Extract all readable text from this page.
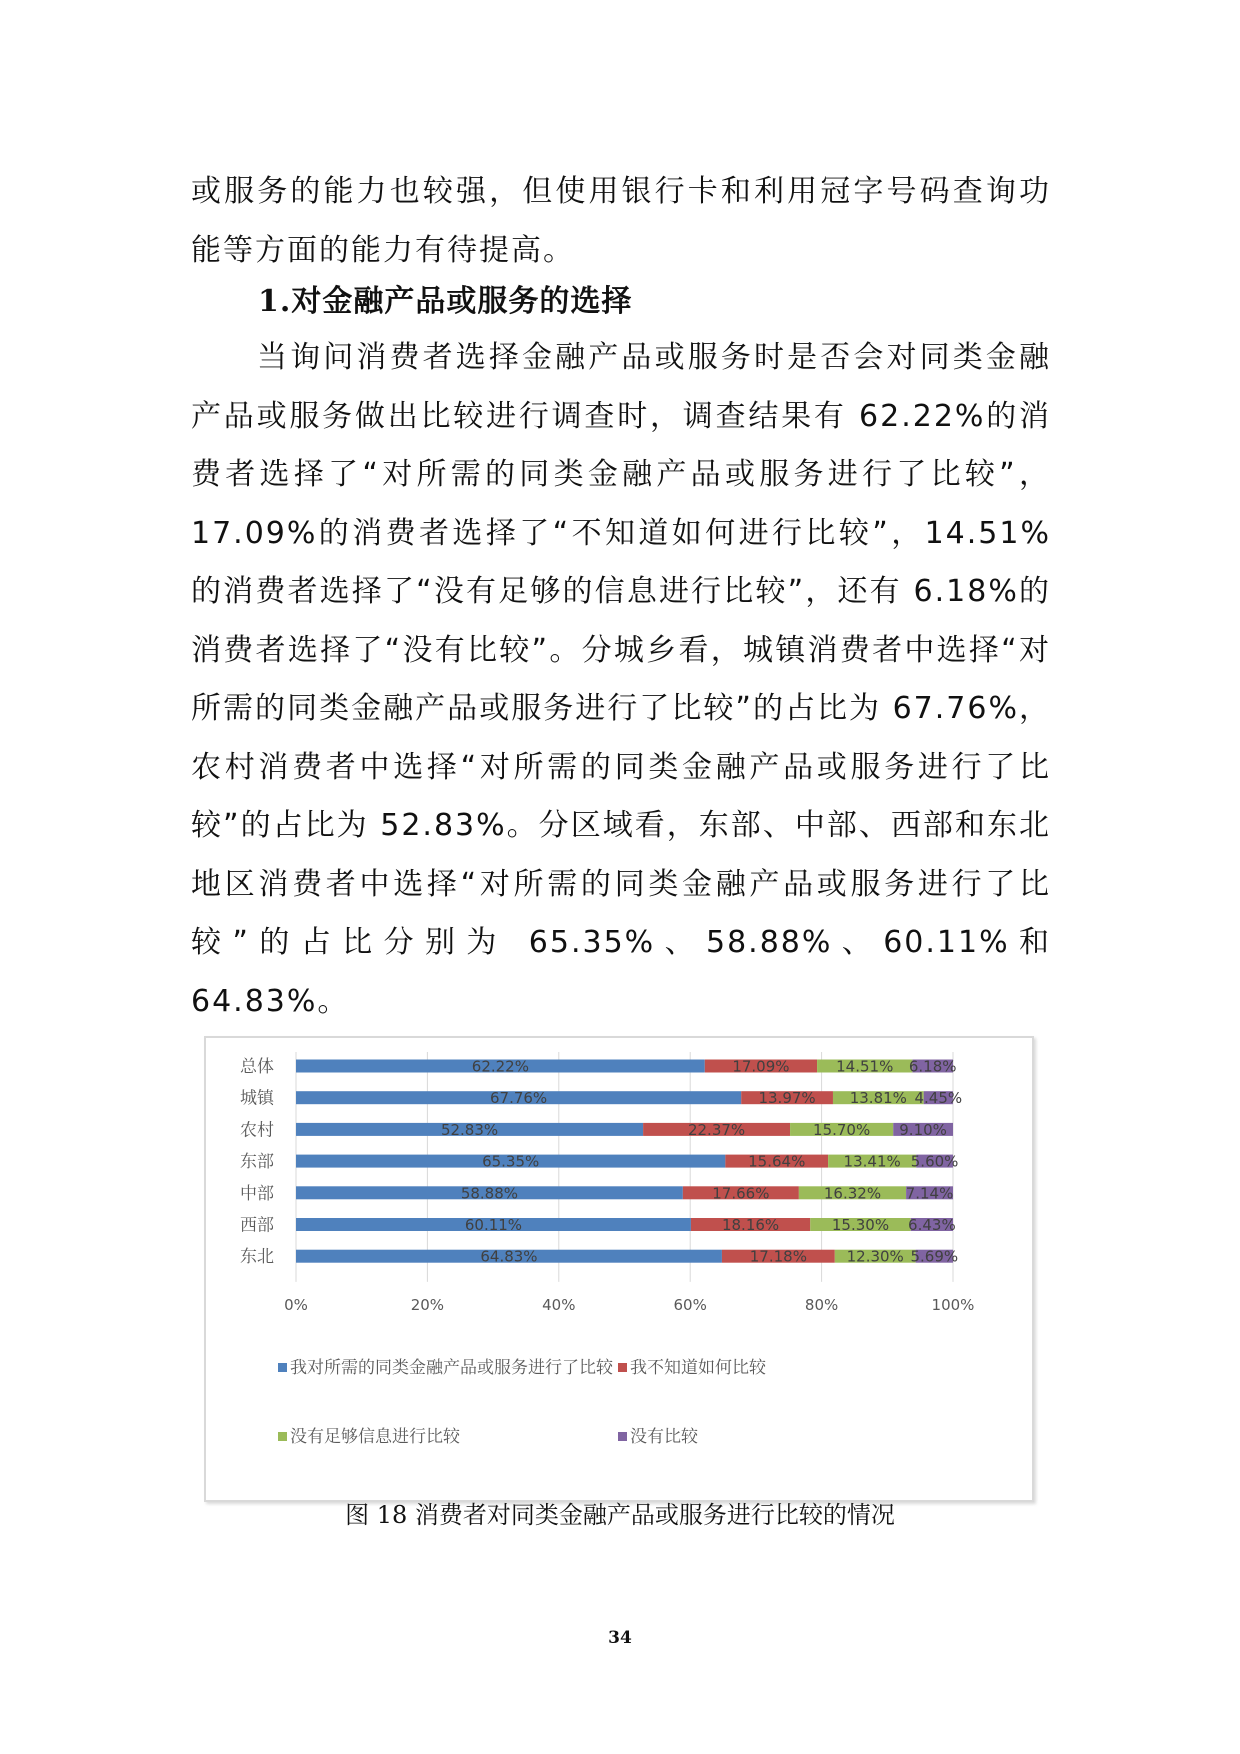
或服务的能力也较强，但使用银行卡和利用冠字号码查询功能等方面的能力有待提高。

1.对金融产品或服务的选择

当询问消费者选择金融产品或服务时是否会对同类金融产品或服务做出比较进行调查时，调查结果有 62.22%的消费者选择了“对所需的同类金融产品或服务进行了比较”，17.09%的消费者选择了“不知道如何进行比较”，14.51%的消费者选择了“没有足够的信息进行比较”，还有 6.18%的消费者选择了“没有比较”。分城乡看，城镇消费者中选择“对所需的同类金融产品或服务进行了比较”的占比为 67.76%，农村消费者中选择“对所需的同类金融产品或服务进行了比较”的占比为 52.83%。分区域看，东部、中部、西部和东北地区消费者中选择“对所需的同类金融产品或服务进行了比较”的占比分别为 65.35%、58.88%、60.11%和 64.83%。

0%	20%	40%	60%	80%	100%
总体	62.22%	17.09%	14.51% 6.18%
城镇	67.76%	13.97% 13.81% 4.45%
农村	52.83%	22.37%	15.70% 9.10%
东部	65.35%	15.64%	13.41% 5.60%
中部	58.88%	17.66%	16.32% 7.14%
西部	60.11%	18.16%	15.30% 6.43%
东北	64.83%	17.18%	12.30% 5.69%
我对所需的同类金融产品或服务进行了比较 我不知道如何比较
没有足够信息进行比较	没有比较

图 18 消费者对同类金融产品或服务进行比较的情况

34
